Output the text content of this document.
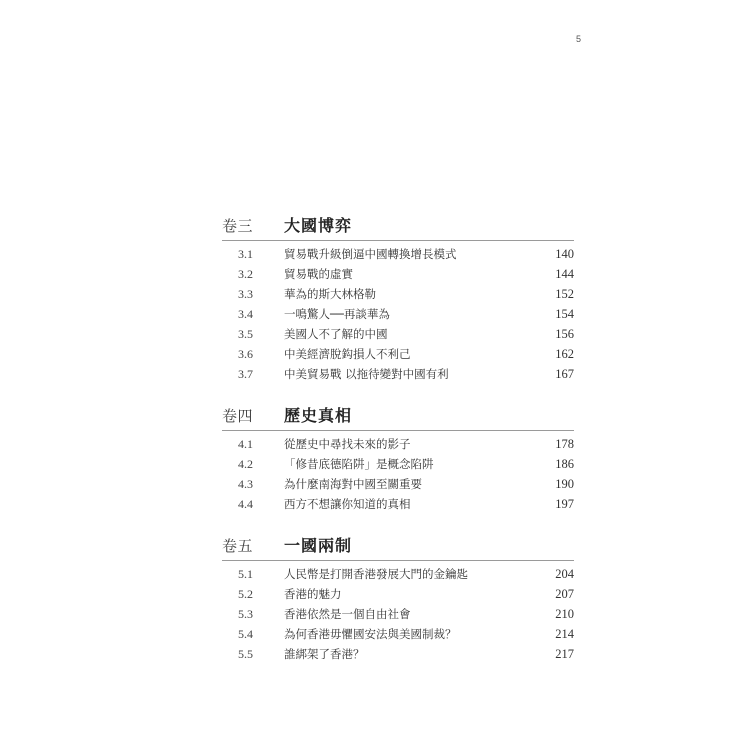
5
卷三	大國博弈
3.1	貿易戰升級倒逼中國轉換增長模式	140
3.2	貿易戰的虛實	144
3.3	華為的斯大林格勒	152
3.4	一鳴驚人──再談華為	154
3.5	美國人不了解的中國	156
3.6	中美經濟脫鈎損人不利己	162
3.7	中美貿易戰 以拖待變對中國有利	167
卷四	歷史真相
4.1	從歷史中尋找未來的影子	178
4.2	「修昔底德陷阱」是概念陷阱	186
4.3	為什麼南海對中國至關重要	190
4.4	西方不想讓你知道的真相	197
卷五	一國兩制
5.1	人民幣是打開香港發展大門的金鑰匙	204
5.2	香港的魅力	207
5.3	香港依然是一個自由社會	210
5.4	為何香港毋懼國安法與美國制裁？	214
5.5	誰綁架了香港？	217
